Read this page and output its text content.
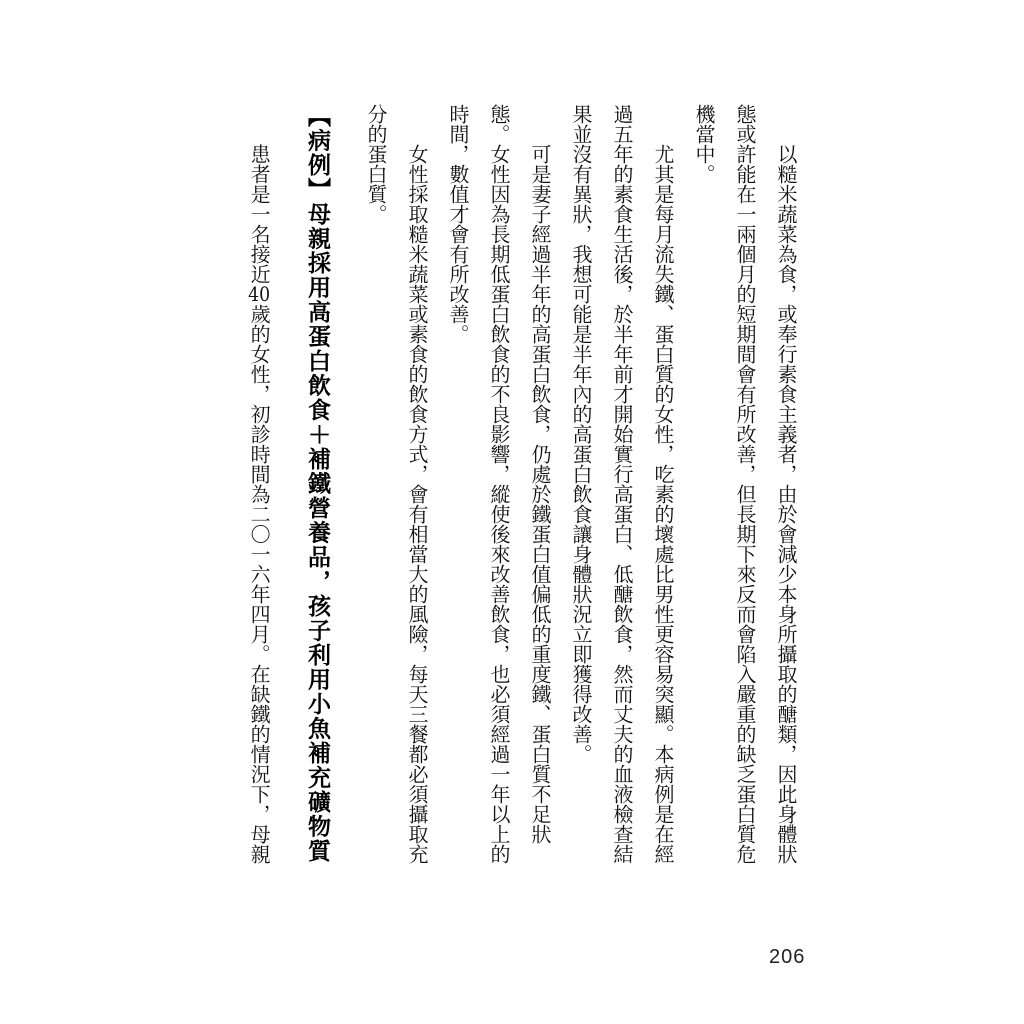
以糙米蔬菜為食，或奉行素食主義者，由於會減少本身所攝取的醣類，因此身體狀態或許能在一兩個月的短期間會有所改善，但長期下來反而會陷入嚴重的缺乏蛋白質危機當中。

尤其是每月流失鐵、蛋白質的女性，吃素的壞處比男性更容易突顯。本病例是在經過五年的素食生活後，於半年前才開始實行高蛋白、低醣飲食，然而丈夫的血液檢查結果並沒有異狀，我想可能是半年內的高蛋白飲食讓身體狀況立即獲得改善。

可是妻子經過半年的高蛋白飲食，仍處於鐵蛋白值偏低的重度鐵、蛋白質不足狀態。女性因為長期低蛋白飲食的不良影響，縱使後來改善飲食，也必須經過一年以上的時間，數值才會有所改善。

女性採取糙米蔬菜或素食的飲食方式，會有相當大的風險，每天三餐都必須攝取充分的蛋白質。

【病例】母親採用高蛋白飲食＋補鐵營養品，孩子利用小魚補充礦物質

患者是一名接近40歲的女性，初診時間為二〇一六年四月。在缺鐵的情況下，母親

206
